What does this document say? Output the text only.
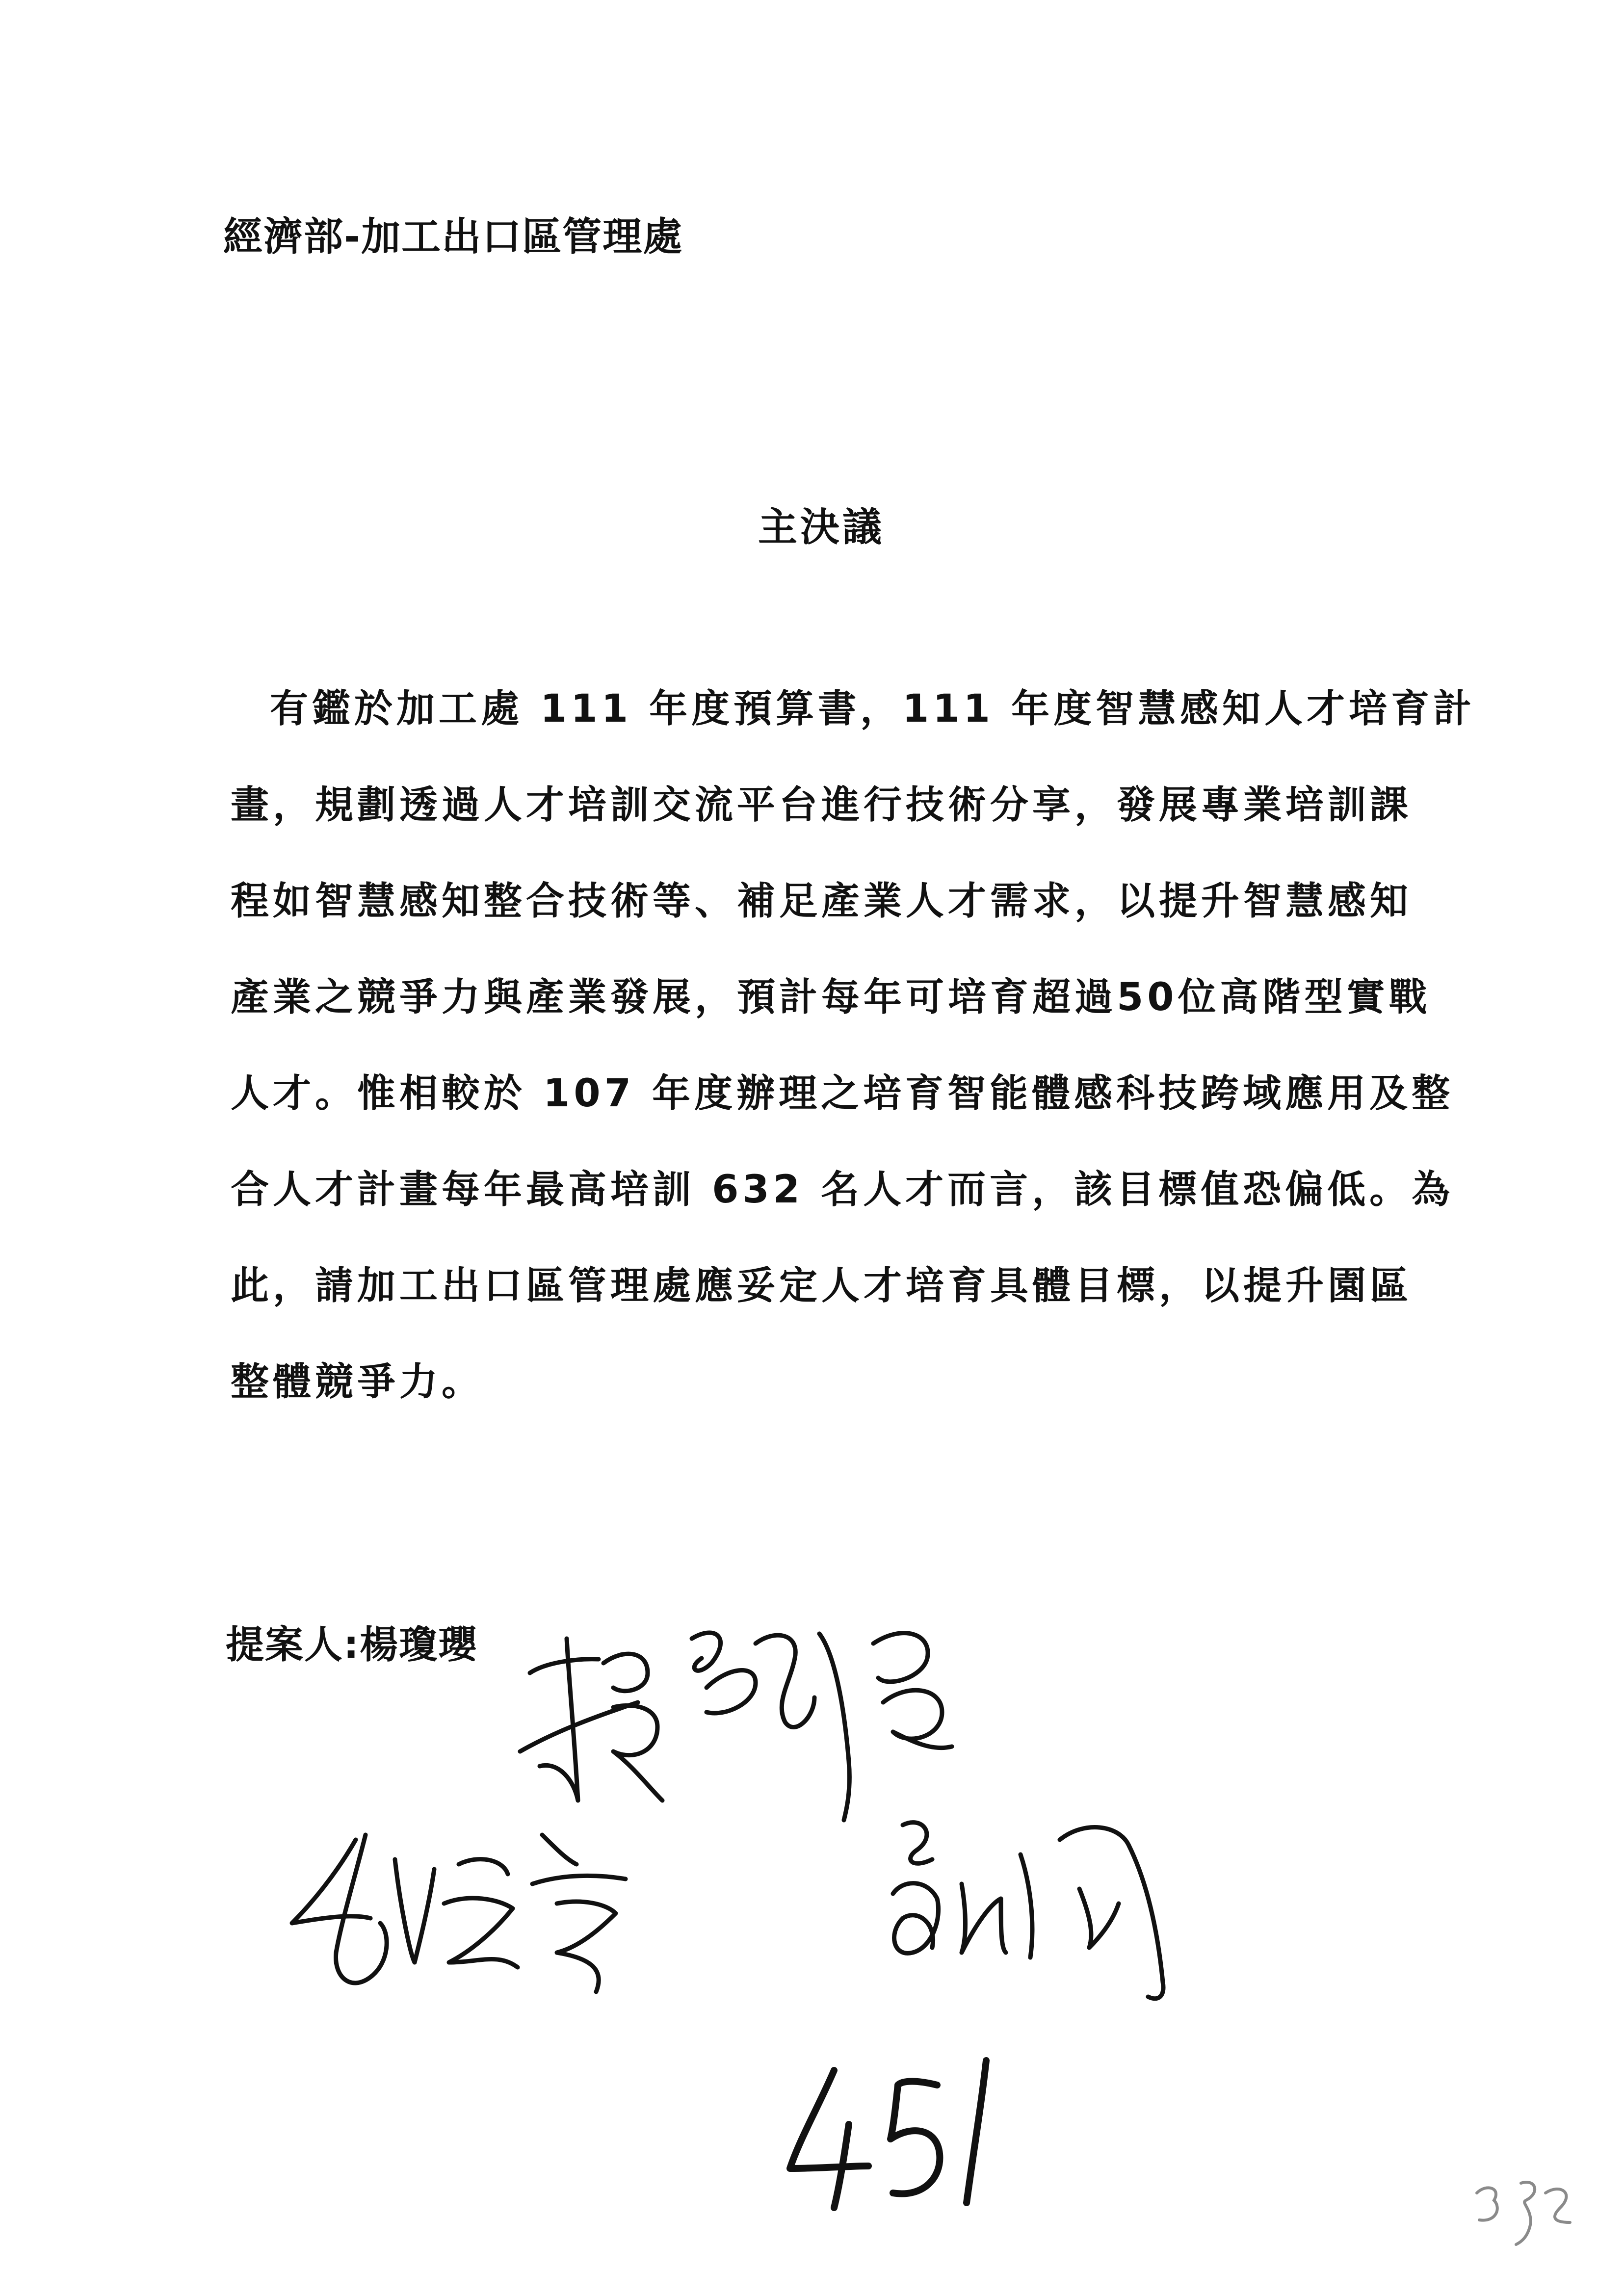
經濟部-加工出口區管理處
主決議
有鑑於加工處 111 年度預算書，111 年度智慧感知人才培育計
畫，規劃透過人才培訓交流平台進行技術分享，發展專業培訓課
程如智慧感知整合技術等、補足產業人才需求，以提升智慧感知
產業之競爭力與產業發展，預計每年可培育超過50位高階型實戰
人才。惟相較於 107 年度辦理之培育智能體感科技跨域應用及整
合人才計畫每年最高培訓 632 名人才而言，該目標值恐偏低。為
此，請加工出口區管理處應妥定人才培育具體目標，以提升園區
整體競爭力。
提案人:楊瓊瓔
